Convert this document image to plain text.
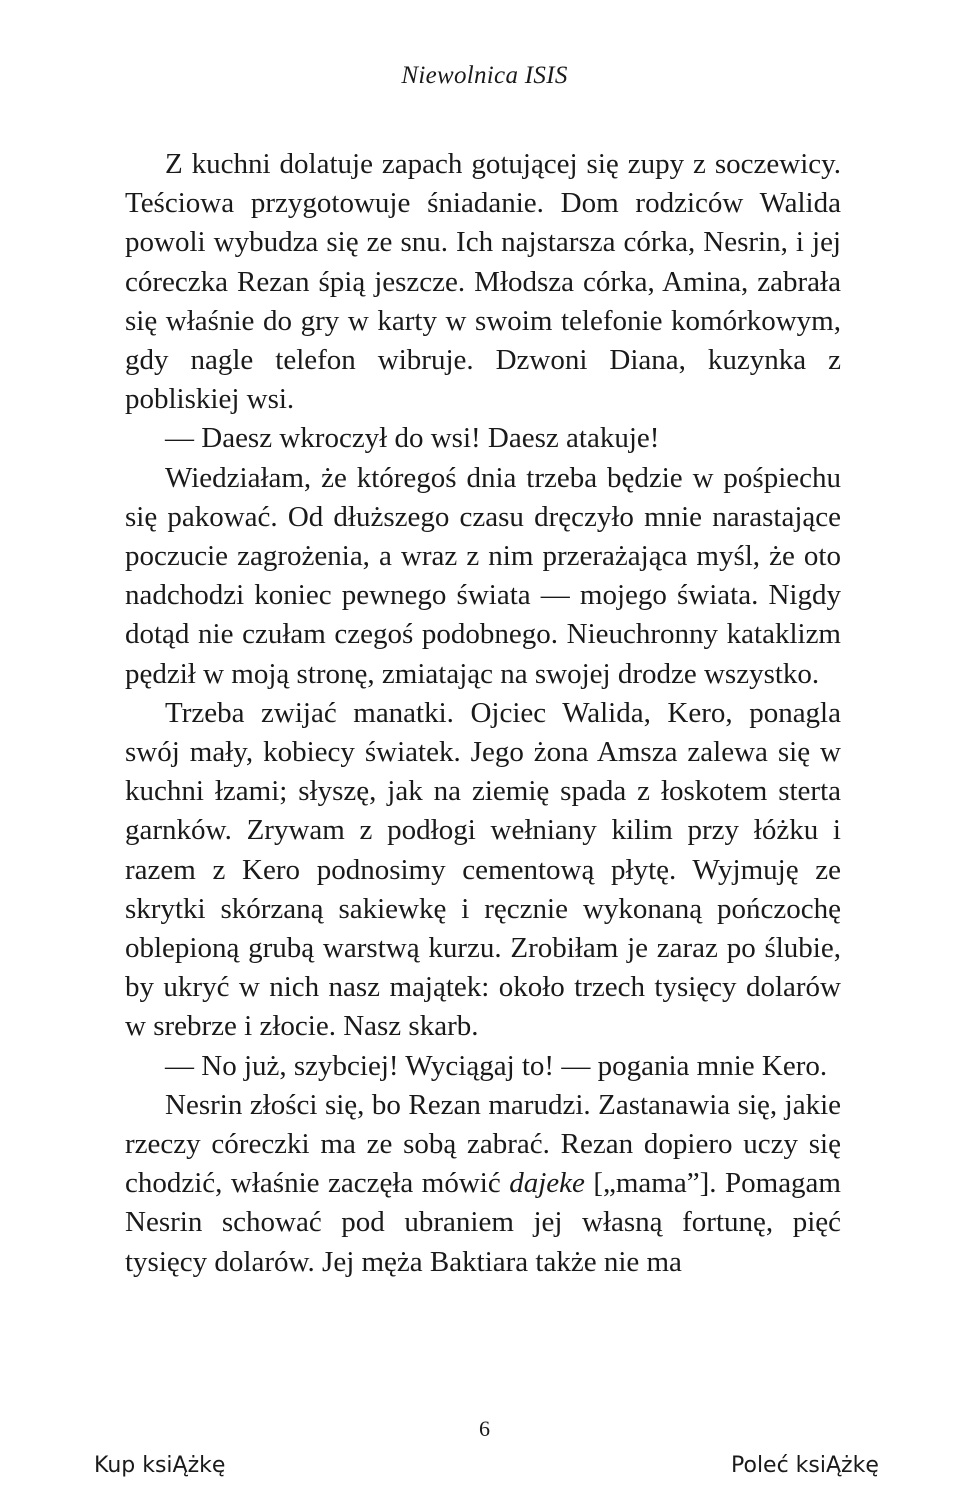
Niewolnica ISIS

Z kuchni dolatuje zapach gotującej się zupy z soczewicy. Teściowa przygotowuje śniadanie. Dom rodziców Walida powoli wybudza się ze snu. Ich najstarsza córka, Nesrin, i jej córeczka Rezan śpią jeszcze. Młodsza córka, Amina, zabrała się właśnie do gry w karty w swoim telefonie komórkowym, gdy nagle telefon wibruje. Dzwoni Diana, kuzynka z pobliskiej wsi.

— Daesz wkroczył do wsi! Daesz atakuje!

Wiedziałam, że któregoś dnia trzeba będzie w pośpiechu się pakować. Od dłuższego czasu dręczyło mnie narastające poczucie zagrożenia, a wraz z nim przerażająca myśl, że oto nadchodzi koniec pewnego świata — mojego świata. Nigdy dotąd nie czułam czegoś podobnego. Nieuchronny kataklizm pędził w moją stronę, zmiatając na swojej drodze wszystko.

Trzeba zwijać manatki. Ojciec Walida, Kero, ponagla swój mały, kobiecy światek. Jego żona Amsza zalewa się w kuchni łzami; słyszę, jak na ziemię spada z łoskotem sterta garnków. Zrywam z podłogi wełniany kilim przy łóżku i razem z Kero podnosimy cementową płytę. Wyjmuję ze skrytki skórzaną sakiewkę i ręcznie wykonaną pończochę oblepioną grubą warstwą kurzu. Zrobiłam je zaraz po ślubie, by ukryć w nich nasz majątek: około trzech tysięcy dolarów w srebrze i złocie. Nasz skarb.

— No już, szybciej! Wyciągaj to! — pogania mnie Kero.

Nesrin złości się, bo Rezan marudzi. Zastanawia się, jakie rzeczy córeczki ma ze sobą zabrać. Rezan dopiero uczy się chodzić, właśnie zaczęła mówić dajeke [„mama”]. Pomagam Nesrin schować pod ubraniem jej własną fortunę, pięć tysięcy dolarów. Jej męża Baktiara także nie ma

6
Kup ksiĄżkę	Poleć ksiĄżkę
